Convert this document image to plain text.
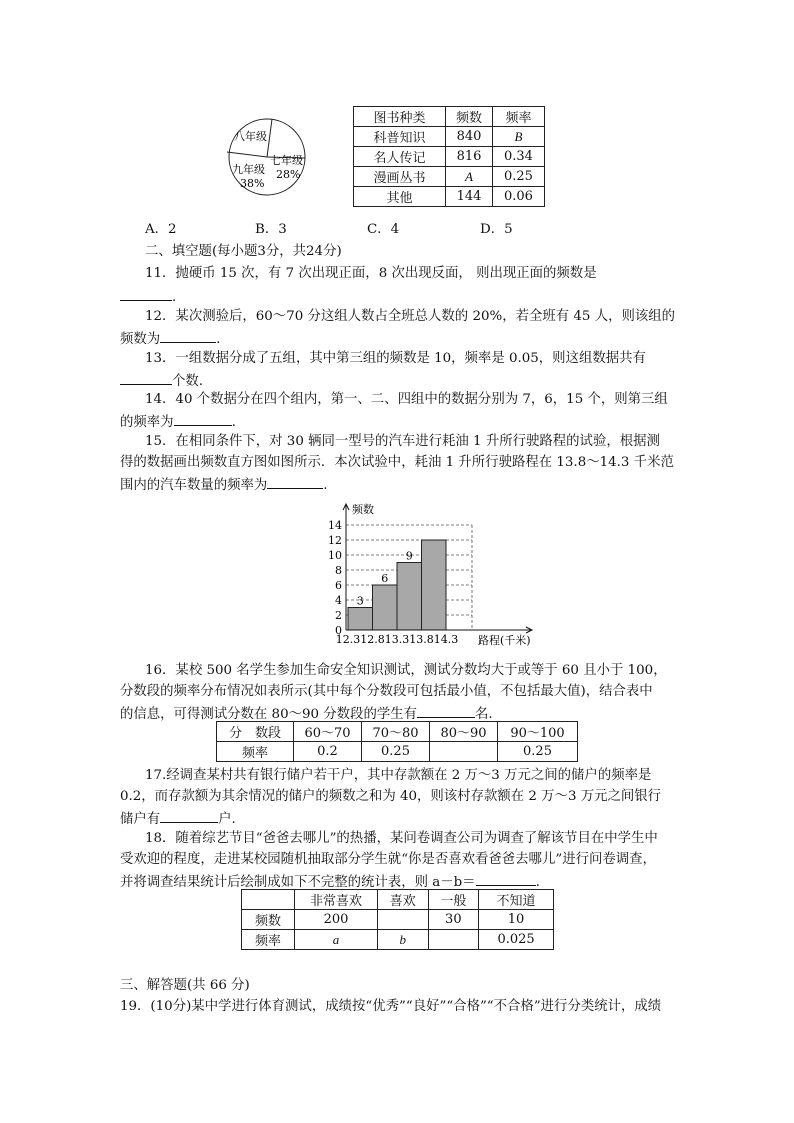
八年级
九年级
38%
七年级
28%
图书种类	频数	频率
科普知识	840	B
名人传记	816	0.34
漫画丛书	A	0.25
其他	144	0.06
A．2	B．3	C．4	D．5
二、填空题(每小题3分，共24分)
11．抛硬币 15 次，有 7 次出现正面，8 次出现反面， 则出现正面的频数是
.
12．某次测验后，60～70 分这组人数占全班总人数的 20%，若全班有 45 人，则该组的
频数为	.
13．一组数据分成了五组，其中第三组的频数是 10，频率是 0.05，则这组数据共有
个数.
14．40 个数据分在四个组内，第一、二、四组中的数据分别为 7，6，15 个，则第三组
的频率为	.
15．在相同条件下，对 30 辆同一型号的汽车进行耗油 1 升所行驶路程的试验，根据测
得的数据画出频数直方图如图所示．本次试验中，耗油 1 升所行驶路程在 13.8～14.3 千米范
围内的汽车数量的频率为	.
0
2
4
6
8
10
12
14
3
6
9
12.3 12.8 13.3 13.8 14.3
频数
路程(千米)
16．某校 500 名学生参加生命安全知识测试，测试分数均大于或等于 60 且小于 100，
分数段的频率分布情况如表所示(其中每个分数段可包括最小值，不包括最大值)，结合表中
的信息，可得测试分数在 80～90 分数段的学生有	名.
分　数段	60～70	70～80	80～90	90～100
频率	0.2	0.25		0.25
17.经调查某村共有银行储户若干户，其中存款额在 2 万～3 万元之间的储户的频率是
0.2，而存款额为其余情况的储户的频数之和为 40，则该村存款额在 2 万～3 万元之间银行
储户有	户.
18．随着综艺节目“爸爸去哪儿”的热播，某问卷调查公司为调查了解该节目在中学生中
受欢迎的程度，走进某校园随机抽取部分学生就“你是否喜欢看爸爸去哪儿”进行问卷调查，
并将调查结果统计后绘制成如下不完整的统计表，则 a－b＝	.
	非常喜欢	喜欢	一般	不知道
频数	200		30	10
频率	a	b		0.025
三、解答题(共 66 分)
19．(10分)某中学进行体育测试，成绩按“优秀”“良好”“合格”“不合格”进行分类统计，成绩
